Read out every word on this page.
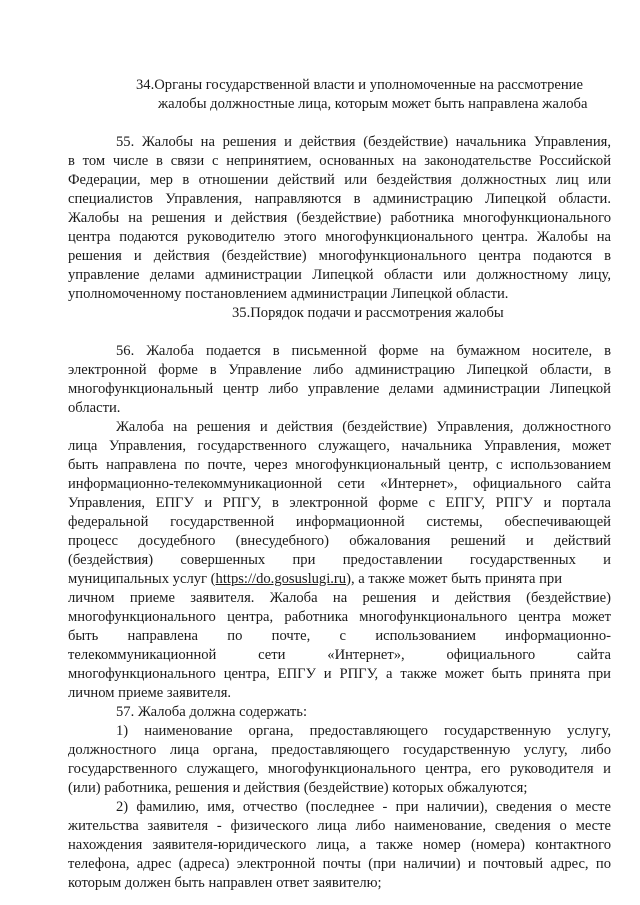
34.Органы государственной власти и уполномоченные на рассмотрение
жалобы должностные лица, которым может быть направлена жалоба
55. Жалобы на решения и действия (бездействие) начальника Управления,
в том числе в связи с непринятием, основанных на законодательстве Российской
Федерации, мер в отношении действий или бездействия должностных лиц или
специалистов Управления, направляются в администрацию Липецкой области.
Жалобы на решения и действия (бездействие) работника многофункционального
центра подаются руководителю этого многофункционального центра. Жалобы на
решения и действия (бездействие) многофункционального центра подаются в
управление делами администрации Липецкой области или должностному лицу,
уполномоченному постановлением администрации Липецкой области.
35.Порядок подачи и рассмотрения жалобы
56. Жалоба подается в письменной форме на бумажном носителе, в
электронной форме в Управление либо администрацию Липецкой области, в
многофункциональный центр либо управление делами администрации Липецкой
области.
Жалоба на решения и действия (бездействие) Управления, должностного
лица Управления, государственного служащего, начальника Управления, может
быть направлена по почте, через многофункциональный центр, с использованием
информационно-телекоммуникационной сети «Интернет», официального сайта
Управления, ЕПГУ и РПГУ, в электронной форме с ЕПГУ, РПГУ и портала
федеральной государственной информационной системы, обеспечивающей
процесс досудебного (внесудебного) обжалования решений и действий
(бездействия) совершенных при предоставлении государственных и
муниципальных услуг (https://do.gosuslugi.ru), а также может быть принята при
личном приеме заявителя. Жалоба на решения и действия (бездействие)
многофункционального центра, работника многофункционального центра может
быть направлена по почте, с использованием информационно-
телекоммуникационной сети «Интернет», официального сайта
многофункционального центра, ЕПГУ и РПГУ, а также может быть принята при
личном приеме заявителя.
57. Жалоба должна содержать:
1) наименование органа, предоставляющего государственную услугу,
должностного лица органа, предоставляющего государственную услугу, либо
государственного служащего, многофункционального центра, его руководителя и
(или) работника, решения и действия (бездействие) которых обжалуются;
2) фамилию, имя, отчество (последнее - при наличии), сведения о месте
жительства заявителя - физического лица либо наименование, сведения о месте
нахождения заявителя-юридического лица, а также номер (номера) контактного
телефона, адрес (адреса) электронной почты (при наличии) и почтовый адрес, по
которым должен быть направлен ответ заявителю;
